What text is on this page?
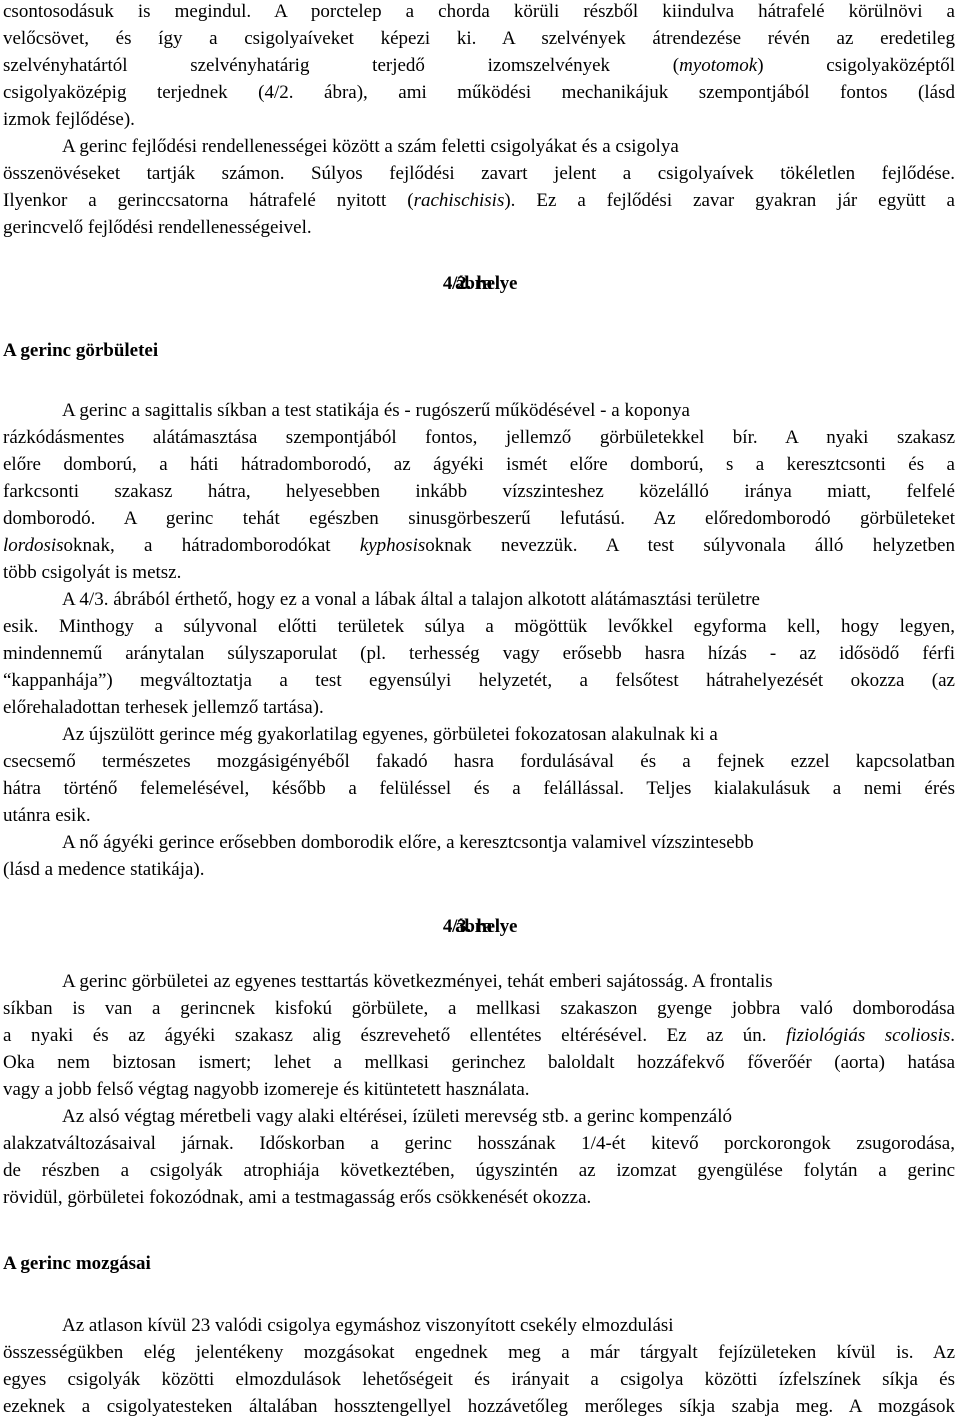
csontosodásuk is megindul. A porctelep a chorda körüli részből kiindulva hátrafelé körülnövi a
velőcsövet, és így a csigolyaíveket képezi ki. A szelvények átrendezése révén az eredetileg
szelvényhatártól szelvényhatárig terjedő izomszelvények (myotomok) csigolyaközéptől
csigolyaközépig terjednek (4/2. ábra), ami működési mechanikájuk szempontjából fontos (lásd
izmok fejlődése).
A gerinc fejlődési rendellenességei között a szám feletti csigolyákat és a csigolya
összenövéseket tartják számon. Súlyos fejlődési zavart jelent a csigolyaívek tökéletlen fejlődése.
Ilyenkor a gerinccsatorna hátrafelé nyitott (rachischisis). Ez a fejlődési zavar gyakran jár együtt a
gerincvelő fejlődési rendellenességeivel.
4/2. ábra helye
A gerinc görbületei
A gerinc a sagittalis síkban a test statikája és - rugószerű működésével - a koponya
rázkódásmentes alátámasztása szempontjából fontos, jellemző görbületekkel bír. A nyaki szakasz
előre domború, a háti hátradomborodó, az ágyéki ismét előre domború, s a keresztcsonti és a
farkcsonti szakasz hátra, helyesebben inkább vízszinteshez közelálló iránya miatt, felfelé
domborodó. A gerinc tehát egészben sinusgörbeszerű lefutású. Az előredomborodó görbületeket
lordosisoknak, a hátradomborodókat kyphosisoknak nevezzük. A test súlyvonala álló helyzetben
több csigolyát is metsz.
A 4/3. ábrából érthető, hogy ez a vonal a lábak által a talajon alkotott alátámasztási területre
esik. Minthogy a súlyvonal előtti területek súlya a mögöttük levőkkel egyforma kell, hogy legyen,
mindennemű aránytalan súlyszaporulat (pl. terhesség vagy erősebb hasra hízás - az idősödő férfi
“kappanhája”) megváltoztatja a test egyensúlyi helyzetét, a felsőtest hátrahelyezését okozza (az
előrehaladottan terhesek jellemző tartása).
Az újszülött gerince még gyakorlatilag egyenes, görbületei fokozatosan alakulnak ki a
csecsemő természetes mozgásigényéből fakadó hasra fordulásával és a fejnek ezzel kapcsolatban
hátra történő felemelésével, később a felüléssel és a felállással. Teljes kialakulásuk a nemi érés
utánra esik.
A nő ágyéki gerince erősebben domborodik előre, a keresztcsontja valamivel vízszintesebb
(lásd a medence statikája).
4/3. ábra helye
A gerinc görbületei az egyenes testtartás következményei, tehát emberi sajátosság. A frontalis
síkban is van a gerincnek kisfokú görbülete, a mellkasi szakaszon gyenge jobbra való domborodása
a nyaki és az ágyéki szakasz alig észrevehető ellentétes eltérésével. Ez az ún. fiziológiás scoliosis.
Oka nem biztosan ismert; lehet a mellkasi gerinchez baloldalt hozzáfekvő főverőér (aorta) hatása
vagy a jobb felső végtag nagyobb izomereje és kitüntetett használata.
Az alsó végtag méretbeli vagy alaki eltérései, ízületi merevség stb. a gerinc kompenzáló
alakzatváltozásaival járnak. Időskorban a gerinc hosszának 1/4-ét kitevő porckorongok zsugorodása,
de részben a csigolyák atrophiája következtében, úgyszintén az izomzat gyengülése folytán a gerinc
rövidül, görbületei fokozódnak, ami a testmagasság erős csökkenését okozza.
A gerinc mozgásai
Az atlason kívül 23 valódi csigolya egymáshoz viszonyított csekély elmozdulási
összességükben elég jelentékeny mozgásokat engednek meg a már tárgyalt fejízületeken kívül is. Az
egyes csigolyák közötti elmozdulások lehetőségeit és irányait a csigolya közötti ízfelszínek síkja és
ezeknek a csigolyatesteken általában hossztengellyel hozzávetőleg merőleges síkja szabja meg. A mozgások
